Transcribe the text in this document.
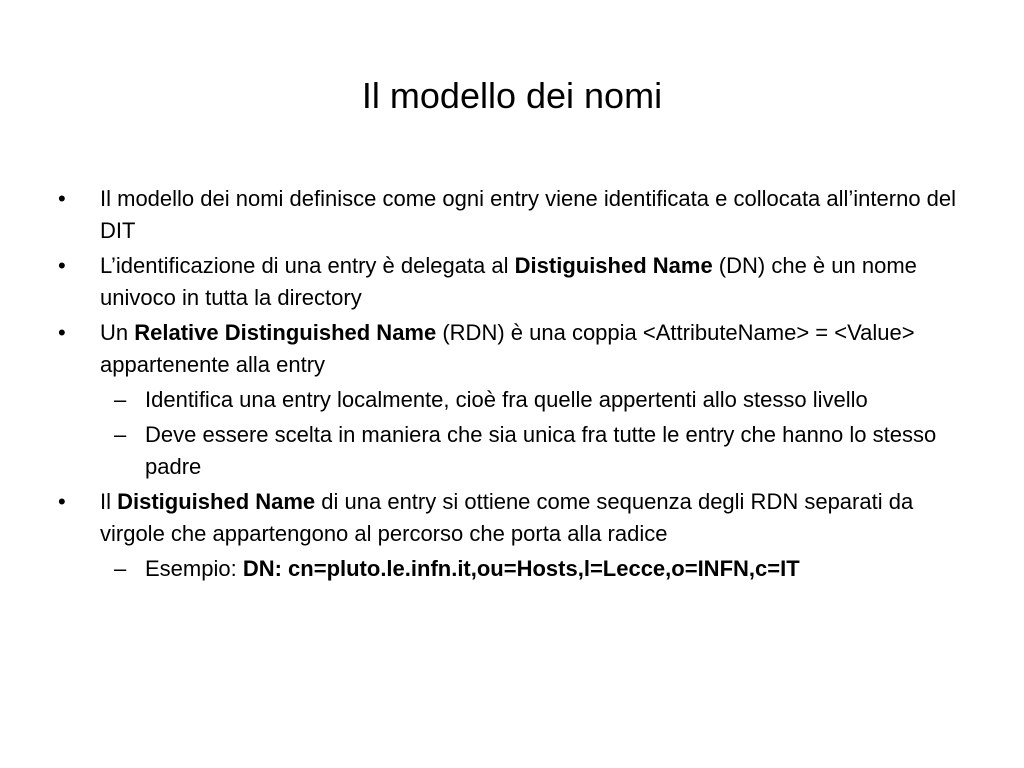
Il modello dei nomi
• Il modello dei nomi definisce come ogni entry viene identificata e collocata all’interno del DIT
• L’identificazione di una entry è delegata al Distiguished Name (DN) che è un nome univoco in tutta la directory
• Un Relative Distinguished Name (RDN) è una coppia <AttributeName> = <Value> appartenente alla entry
– Identifica una entry localmente, cioè fra quelle appertenti allo stesso livello
– Deve essere scelta in maniera che sia unica fra tutte le entry che hanno lo stesso padre
• Il Distiguished Name di una entry si ottiene come sequenza degli RDN separati da virgole che appartengono al percorso che porta alla radice
– Esempio: DN: cn=pluto.le.infn.it,ou=Hosts,l=Lecce,o=INFN,c=IT
